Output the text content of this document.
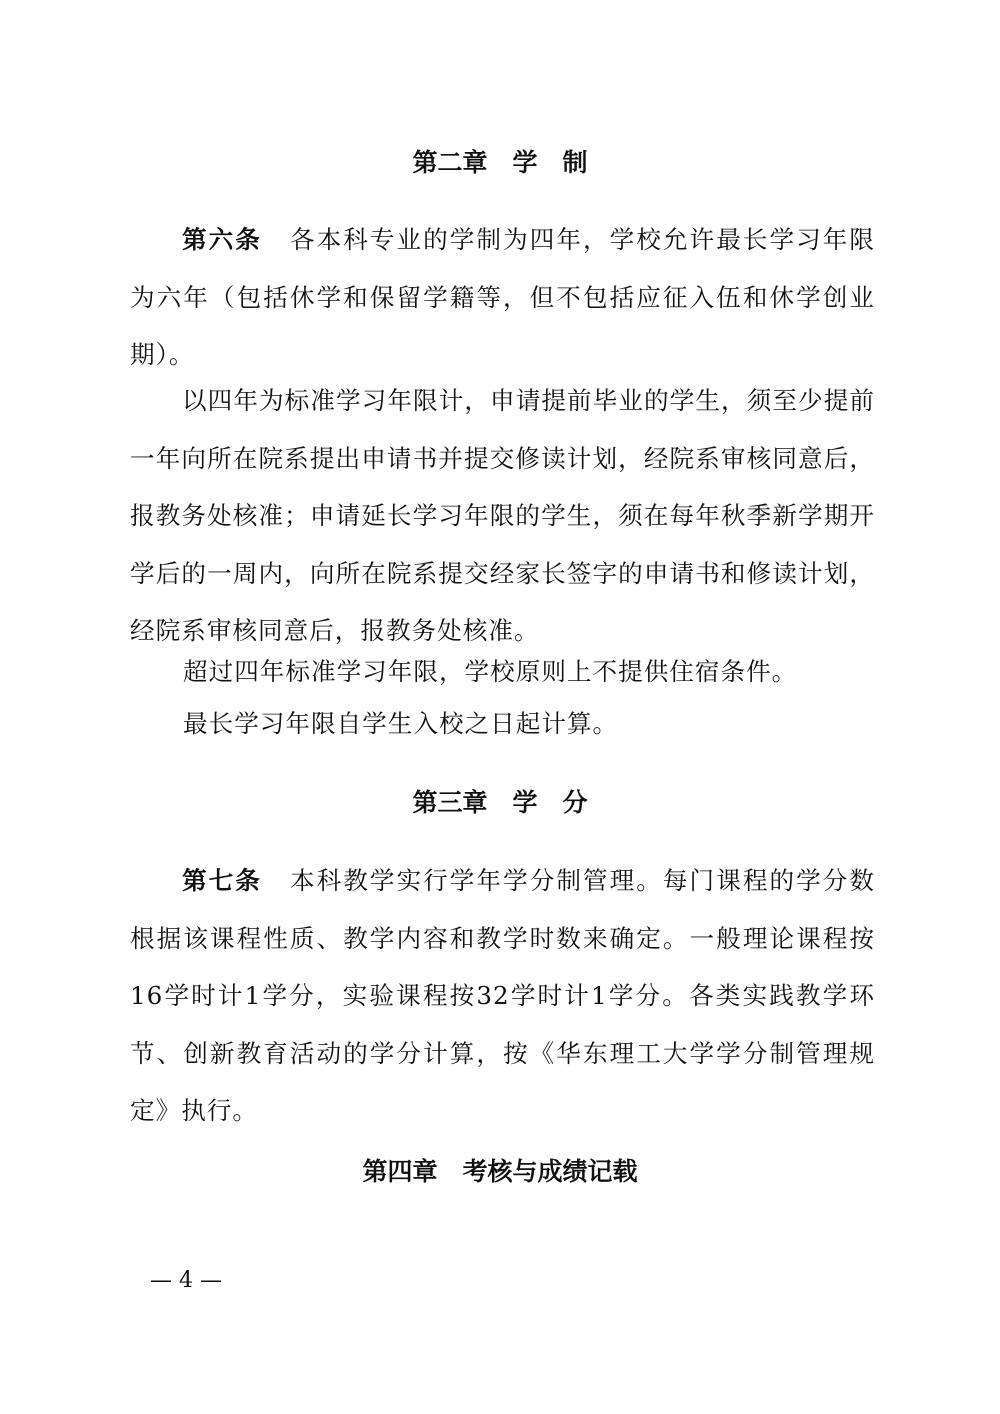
第二章　学　制

第六条 各本科专业的学制为四年，学校允许最长学习年限为六年（包括休学和保留学籍等，但不包括应征入伍和休学创业期）。

以四年为标准学习年限计，申请提前毕业的学生，须至少提前一年向所在院系提出申请书并提交修读计划，经院系审核同意后，报教务处核准；申请延长学习年限的学生，须在每年秋季新学期开学后的一周内，向所在院系提交经家长签字的申请书和修读计划，经院系审核同意后，报教务处核准。

超过四年标准学习年限，学校原则上不提供住宿条件。
最长学习年限自学生入校之日起计算。
第三章　学　分

第七条 本科教学实行学年学分制管理。每门课程的学分数根据该课程性质、教学内容和教学时数来确定。一般理论课程按16学时计1学分，实验课程按32学时计1学分。各类实践教学环节、创新教育活动的学分计算，按《华东理工大学学分制管理规定》执行。

第四章　考核与成绩记载
— 4 —
